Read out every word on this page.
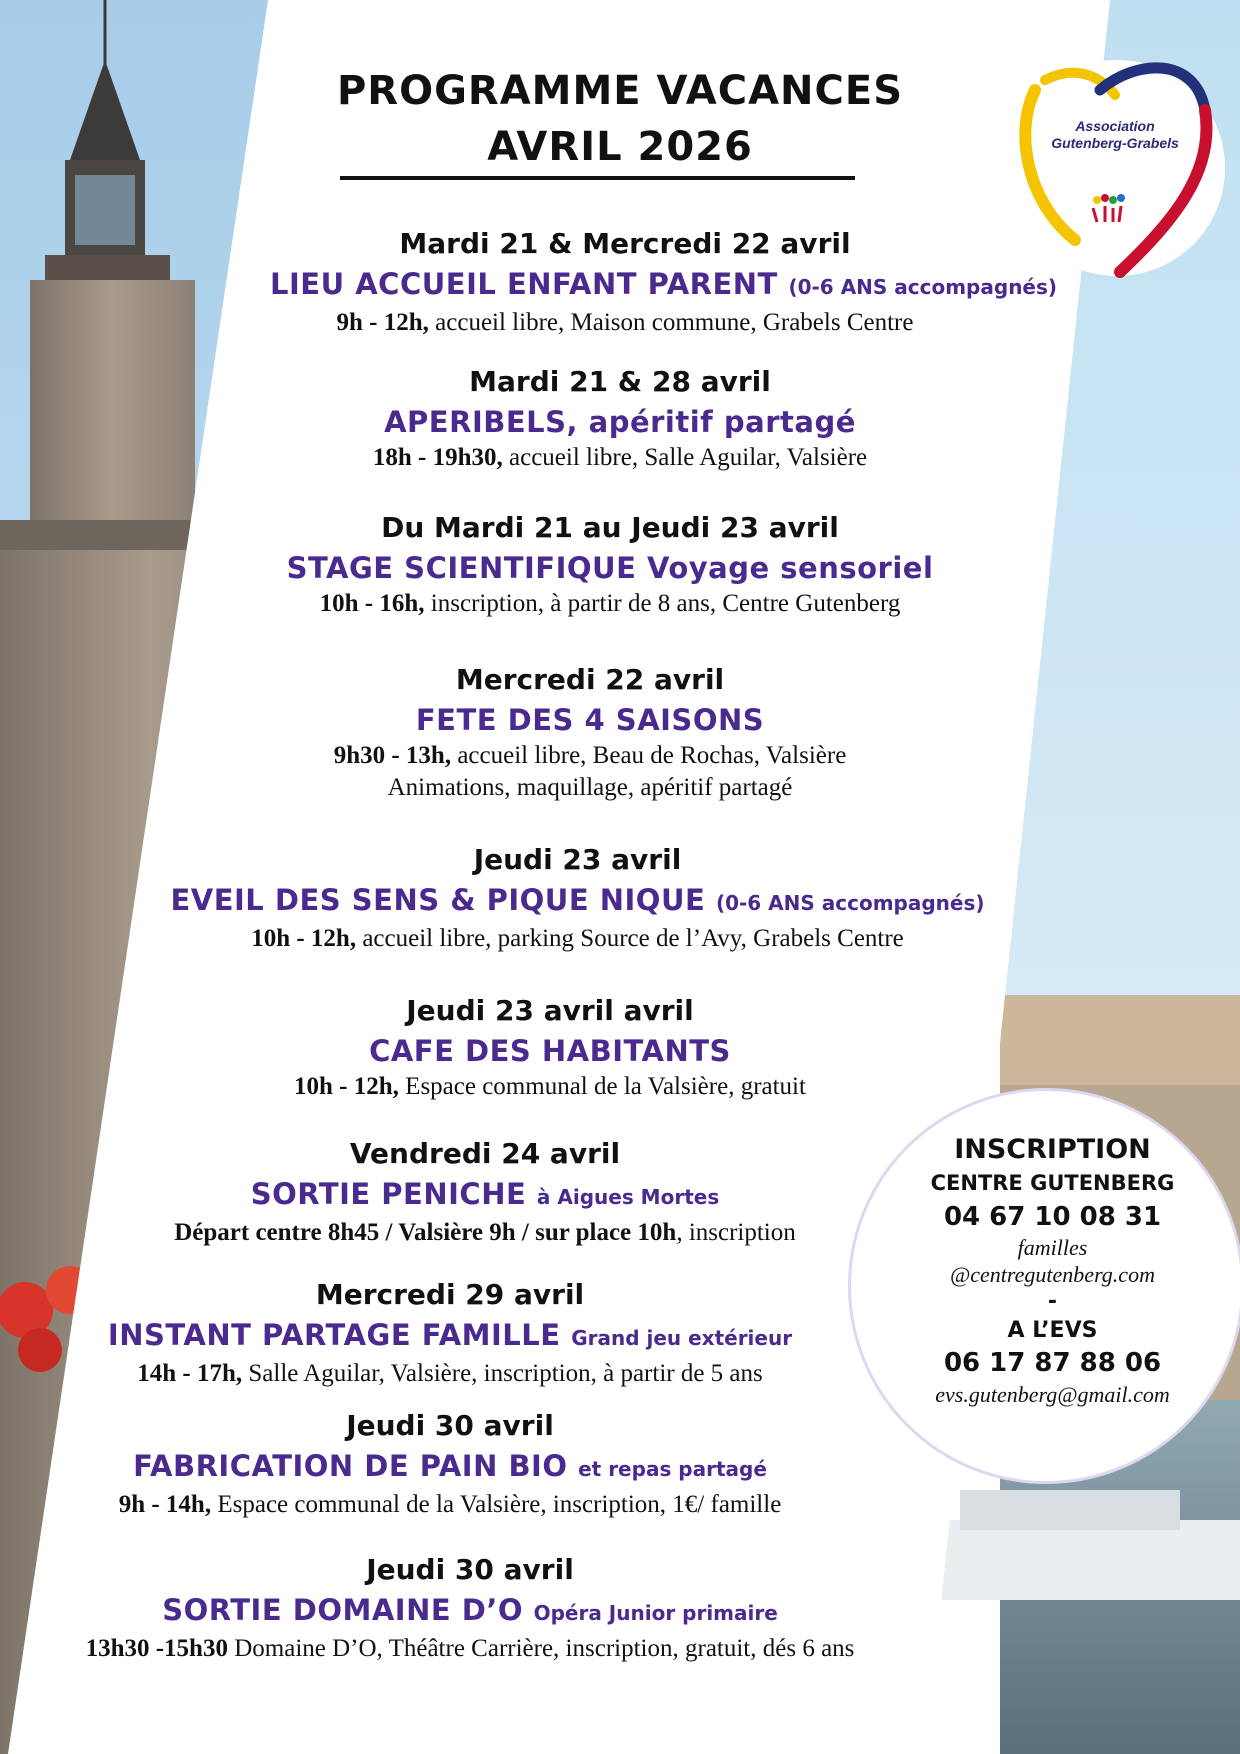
PROGRAMME VACANCES
AVRIL 2026	Association
Gutenberg-Grabels
Mardi 21 & Mercredi 22 avril
LIEU ACCUEIL ENFANT PARENT (0-6 ANS accompagnés)
9h - 12h, accueil libre, Maison commune, Grabels Centre
Mardi 21 & 28 avril
APERIBELS, apéritif partagé
18h - 19h30, accueil libre, Salle Aguilar, Valsière
Du Mardi 21 au Jeudi 23 avril
STAGE SCIENTIFIQUE Voyage sensoriel
10h - 16h, inscription, à partir de 8 ans, Centre Gutenberg
Mercredi 22 avril
FETE DES 4 SAISONS
9h30 - 13h, accueil libre, Beau de Rochas, Valsière
Animations, maquillage, apéritif partagé
Jeudi 23 avril
EVEIL DES SENS & PIQUE NIQUE (0-6 ANS accompagnés)
10h - 12h, accueil libre, parking Source de l’Avy, Grabels Centre
Jeudi 23 avril avril
CAFE DES HABITANTS
10h - 12h, Espace communal de la Valsière, gratuit
Vendredi 24 avril
SORTIE PENICHE à Aigues Mortes
Départ centre 8h45 / Valsière 9h / sur place 10h, inscription
Mercredi 29 avril
INSTANT PARTAGE FAMILLE Grand jeu extérieur
14h - 17h, Salle Aguilar, Valsière, inscription, à partir de 5 ans
Jeudi 30 avril
FABRICATION DE PAIN BIO et repas partagé
9h - 14h, Espace communal de la Valsière, inscription, 1€/ famille
Jeudi 30 avril
SORTIE DOMAINE D’O Opéra Junior primaire
13h30 -15h30 Domaine D’O, Théâtre Carrière, inscription, gratuit, dés 6 ans
INSCRIPTION
CENTRE GUTENBERG
04 67 10 08 31
familles
@centregutenberg.com
-
A L’EVS
06 17 87 88 06
evs.gutenberg@gmail.com
